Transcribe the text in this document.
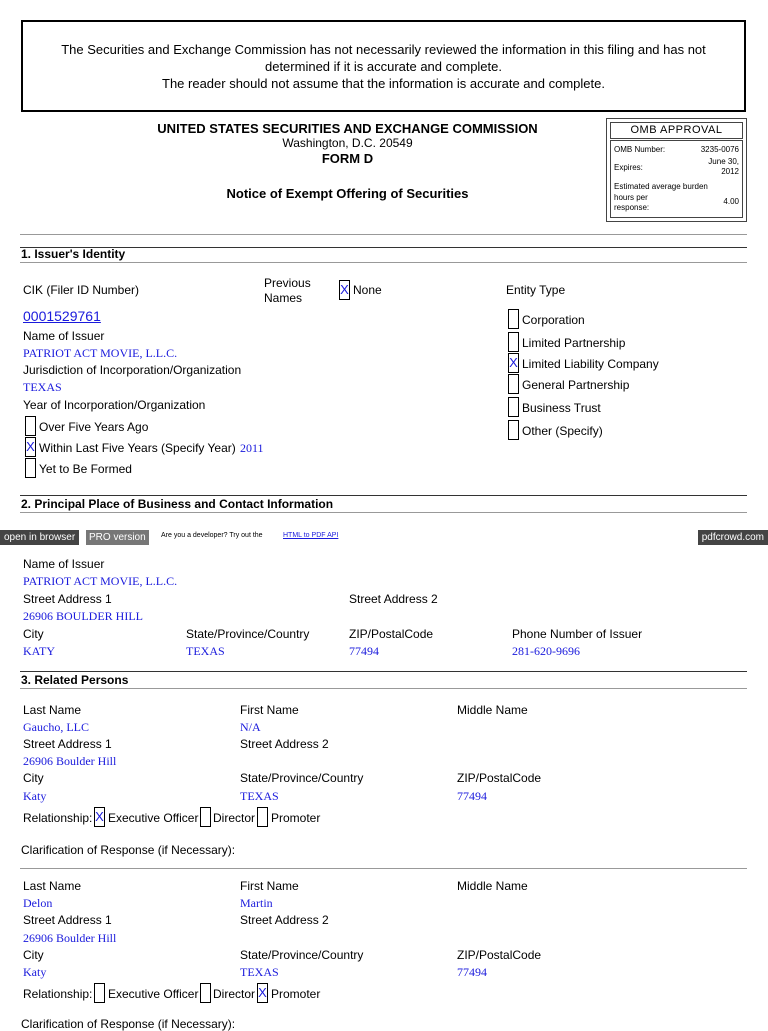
The Securities and Exchange Commission has not necessarily reviewed the information in this filing and has not
determined if it is accurate and complete.
The reader should not assume that the information is accurate and complete.
UNITED STATES SECURITIES AND EXCHANGE COMMISSION
Washington, D.C. 20549
FORM D
Notice of Exempt Offering of Securities
OMB APPROVAL
OMB Number:	3235-0076
Expires:
June 30,
2012
Estimated average burden
hours per
response:
4.00
1. Issuer's Identity
CIK (Filer ID Number)	Previous
Names
X None	Entity Type
0001529761
Name of Issuer
PATRIOT ACT MOVIE, L.L.C.
Jurisdiction of Incorporation/Organization
TEXAS
Year of Incorporation/Organization
Over Five Years Ago
X Within Last Five Years (Specify Year) 2011
Yet to Be Formed
Corporation
Limited Partnership
X Limited Liability Company
General Partnership
Business Trust
Other (Specify)
2. Principal Place of Business and Contact Information
open in browser	PRO version	Are you a developer? Try out the	HTML to PDF API	pdfcrowd.com
Name of Issuer
PATRIOT ACT MOVIE, L.L.C.
Street Address 1	Street Address 2
26906 BOULDER HILL
City	State/Province/Country	ZIP/PostalCode	Phone Number of Issuer
KATY	TEXAS	77494	281-620-9696
3. Related Persons
Last Name	First Name	Middle Name
Gaucho, LLC	N/A
Street Address 1	Street Address 2
26906 Boulder Hill
City	State/Province/Country	ZIP/PostalCode
Katy	TEXAS	77494
Relationship: X Executive Officer Director Promoter
Clarification of Response (if Necessary):
Last Name	First Name	Middle Name
Delon	Martin
Street Address 1	Street Address 2
26906 Boulder Hill
City	State/Province/Country	ZIP/PostalCode
Katy	TEXAS	77494
Relationship: Executive Officer Director X Promoter
Clarification of Response (if Necessary):
